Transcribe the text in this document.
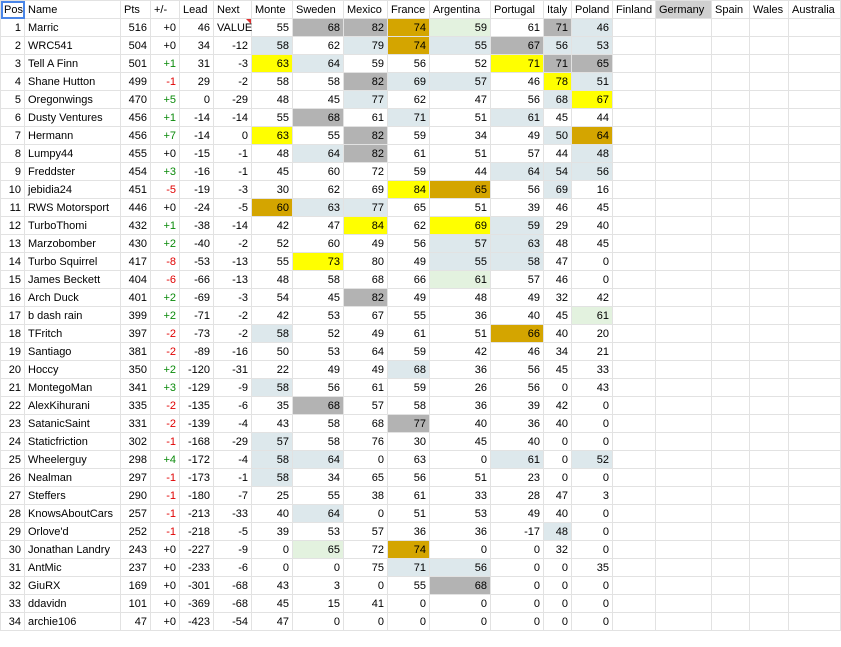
Pos	Name	Pts	+/-	Lead	Next	Monte	Sweden	Mexico	France	Argentina	Portugal	Italy	Poland	Finland	Germany	Spain	Wales	Australia
1	Marric	516	+0	46	VALUE	55	68	82	74	59	61	71	46					
2	WRC541	504	+0	34	-12	58	62	79	74	55	67	56	53					
3	Tell A Finn	501	+1	31	-3	63	64	59	56	52	71	71	65					
4	Shane Hutton	499	-1	29	-2	58	58	82	69	57	46	78	51					
5	Oregonwings	470	+5	0	-29	48	45	77	62	47	56	68	67					
6	Dusty Ventures	456	+1	-14	-14	55	68	61	71	51	61	45	44					
7	Hermann	456	+7	-14	0	63	55	82	59	34	49	50	64					
8	Lumpy44	455	+0	-15	-1	48	64	82	61	51	57	44	48					
9	Freddster	454	+3	-16	-1	45	60	72	59	44	64	54	56					
10	jebidia24	451	-5	-19	-3	30	62	69	84	65	56	69	16					
11	RWS Motorsport	446	+0	-24	-5	60	63	77	65	51	39	46	45					
12	TurboThomi	432	+1	-38	-14	42	47	84	62	69	59	29	40					
13	Marzobomber	430	+2	-40	-2	52	60	49	56	57	63	48	45					
14	Turbo Squirrel	417	-8	-53	-13	55	73	80	49	55	58	47	0					
15	James Beckett	404	-6	-66	-13	48	58	68	66	61	57	46	0					
16	Arch Duck	401	+2	-69	-3	54	45	82	49	48	49	32	42					
17	b dash rain	399	+2	-71	-2	42	53	67	55	36	40	45	61					
18	TFritch	397	-2	-73	-2	58	52	49	61	51	66	40	20					
19	Santiago	381	-2	-89	-16	50	53	64	59	42	46	34	21					
20	Hoccy	350	+2	-120	-31	22	49	49	68	36	56	45	33					
21	MontegoMan	341	+3	-129	-9	58	56	61	59	26	56	0	43					
22	AlexKihurani	335	-2	-135	-6	35	68	57	58	36	39	42	0					
23	SatanicSaint	331	-2	-139	-4	43	58	68	77	40	36	40	0					
24	Staticfriction	302	-1	-168	-29	57	58	76	30	45	40	0	0					
25	Wheelerguy	298	+4	-172	-4	58	64	0	63	0	61	0	52					
26	Nealman	297	-1	-173	-1	58	34	65	56	51	23	0	0					
27	Steffers	290	-1	-180	-7	25	55	38	61	33	28	47	3					
28	KnowsAboutCars	257	-1	-213	-33	40	64	0	51	53	49	40	0					
29	Orlove'd	252	-1	-218	-5	39	53	57	36	36	-17	48	0					
30	Jonathan Landry	243	+0	-227	-9	0	65	72	74	0	0	32	0					
31	AntMic	237	+0	-233	-6	0	0	75	71	56	0	0	35					
32	GiuRX	169	+0	-301	-68	43	3	0	55	68	0	0	0					
33	ddavidn	101	+0	-369	-68	45	15	41	0	0	0	0	0					
34	archie106	47	+0	-423	-54	47	0	0	0	0	0	0	0					
